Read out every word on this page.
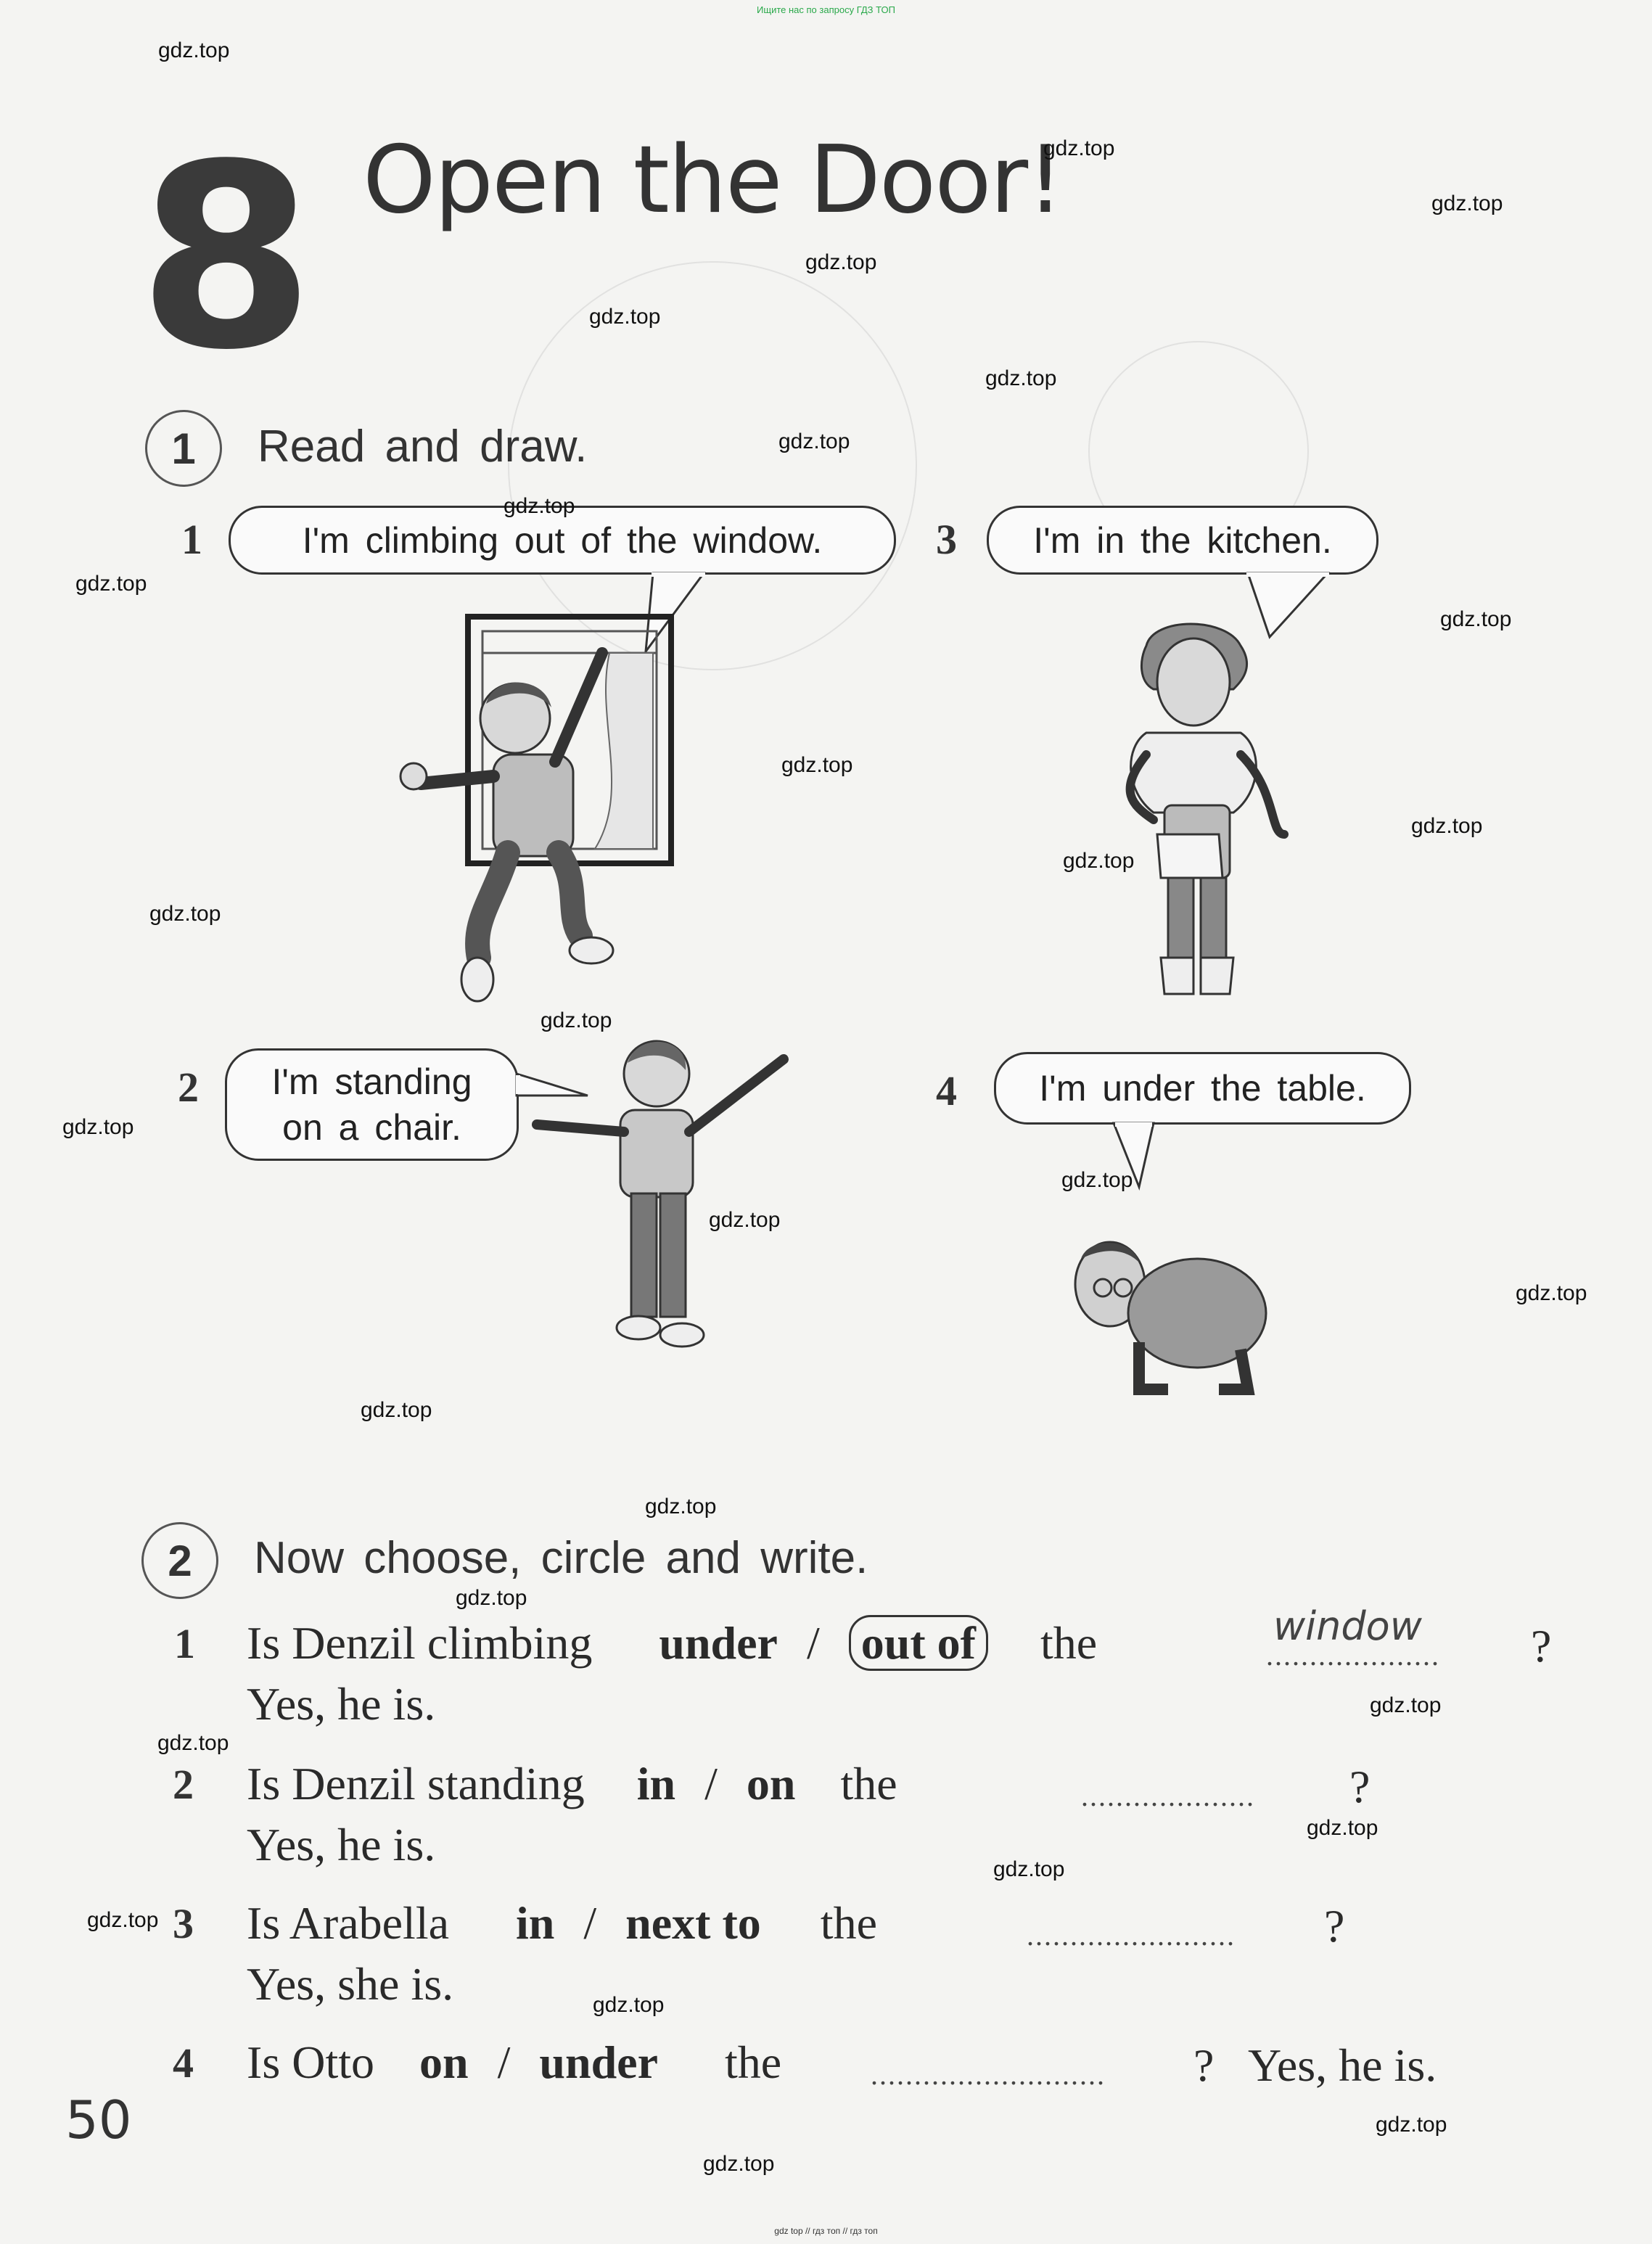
Ищите нас по запросу ГДЗ ТОП
gdz top // гдз топ // гдз топ
8 Open the Door!
1	Read and draw.
1	I'm climbing out of the window.	3 I'm in the kitchen.
2 I'm standing
on a chair.
4 I'm under the table.
2	Now choose, circle and write.
1 Is Denzil climbing under / out of the	window
.................... ?
Yes, he is.
2 Is Denzil standing in / on the	.................... ?
Yes, he is.
3 Is Arabella in / next to the	........................ ?
Yes, she is.
4 Is Otto on / under the	........................... ? Yes, he is.
50
gdz.top
gdz.top
gdz.top
gdz.top
gdz.top
gdz.top
gdz.top
gdz.top
gdz.top
gdz.top
gdz.top
gdz.top
gdz.top
gdz.top
gdz.top
gdz.top
gdz.top
gdz.top
gdz.top
gdz.top
gdz.top
gdz.top
gdz.top
gdz.top
gdz.top
gdz.top
gdz.top
gdz.top
gdz.top
gdz.top
